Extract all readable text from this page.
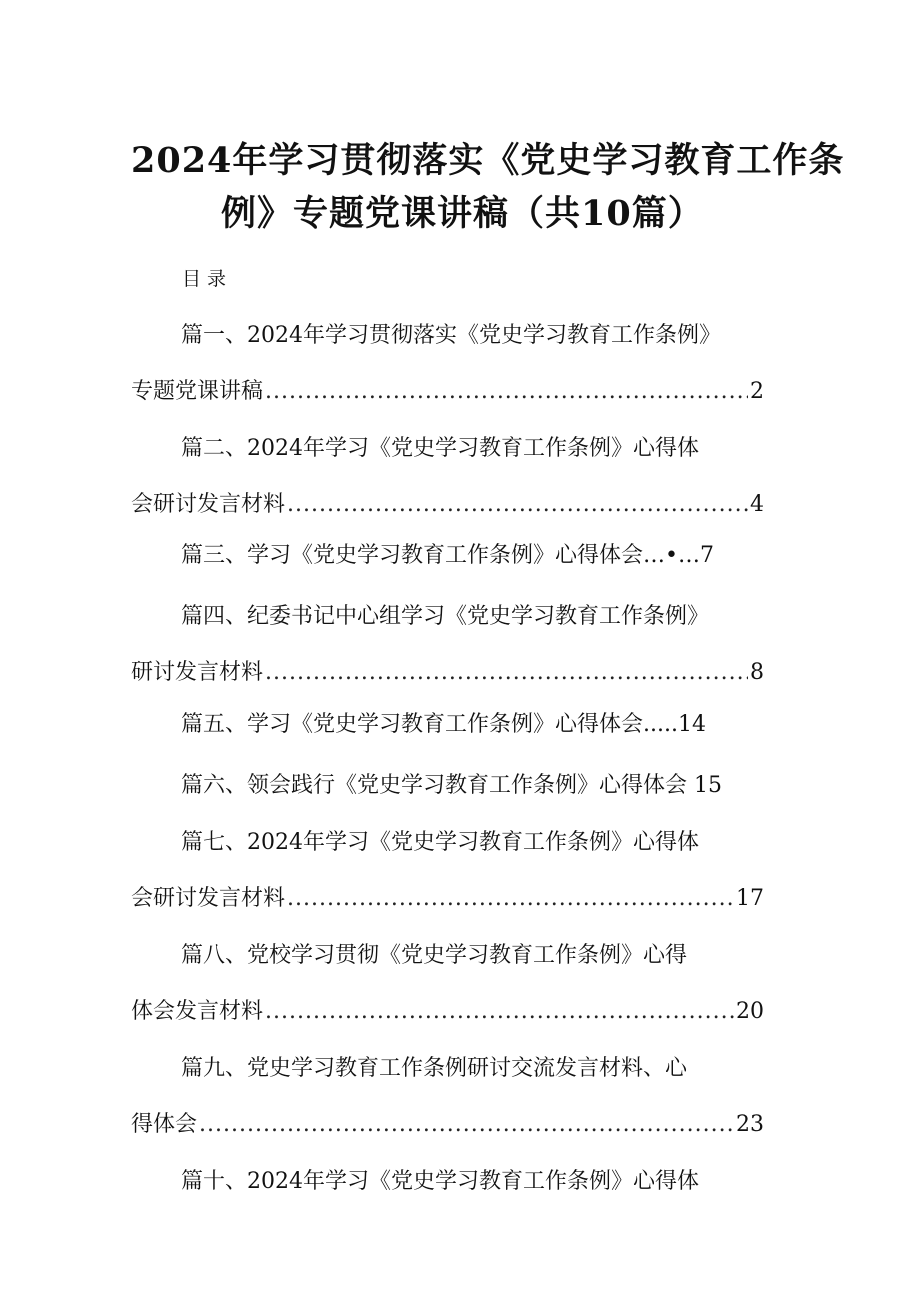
2024年学习贯彻落实《党史学习教育工作条
例》专题党课讲稿（共10篇）

目录

篇一、2024年学习贯彻落实《党史学习教育工作条例》
专题党课讲稿 .....	2
篇二、2024年学习《党史学习教育工作条例》心得体
会研讨发言材料 .....	4
篇三、学习《党史学习教育工作条例》心得体会…•…7
篇四、纪委书记中心组学习《党史学习教育工作条例》
研讨发言材料 .....	8
篇五、学习《党史学习教育工作条例》心得体会.....14
篇六、领会践行《党史学习教育工作条例》心得体会 15
篇七、2024年学习《党史学习教育工作条例》心得体
会研讨发言材料 .....	17
篇八、党校学习贯彻《党史学习教育工作条例》心得
体会发言材料 .....	20
篇九、党史学习教育工作条例研讨交流发言材料、心
得体会 .....	23
篇十、2024年学习《党史学习教育工作条例》心得体
